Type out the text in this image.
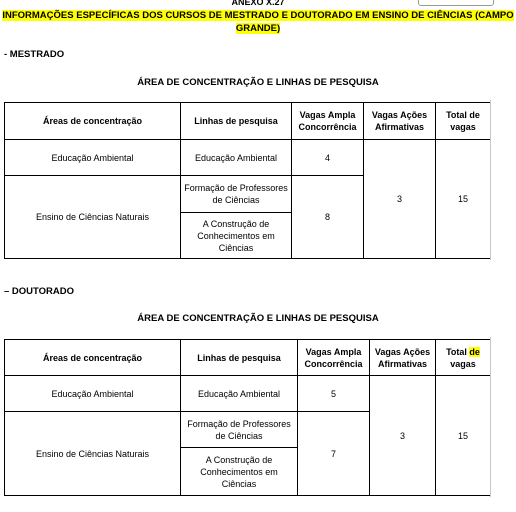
ANEXO X.27
INFORMAÇÕES ESPECÍFICAS DOS CURSOS DE MESTRADO E DOUTORADO EM ENSINO DE CIÊNCIAS (CAMPO GRANDE)
- MESTRADO
ÁREA DE CONCENTRAÇÃO E LINHAS DE PESQUISA
Áreas de concentração	Linhas de pesquisa	Vagas Ampla Concorrência	Vagas Ações Afirmativas	Total de vagas
Educação Ambiental	Educação Ambiental	4	3	15
Ensino de Ciências Naturais	Formação de Professores de Ciências	8		
	A Construção de Conhecimentos em Ciências			
– DOUTORADO
ÁREA DE CONCENTRAÇÃO E LINHAS DE PESQUISA
Áreas de concentração	Linhas de pesquisa	Vagas Ampla Concorrência	Vagas Ações Afirmativas	Total de vagas
Educação Ambiental	Educação Ambiental	5	3	15
Ensino de Ciências Naturais	Formação de Professores de Ciências	7		
	A Construção de Conhecimentos em Ciências			
